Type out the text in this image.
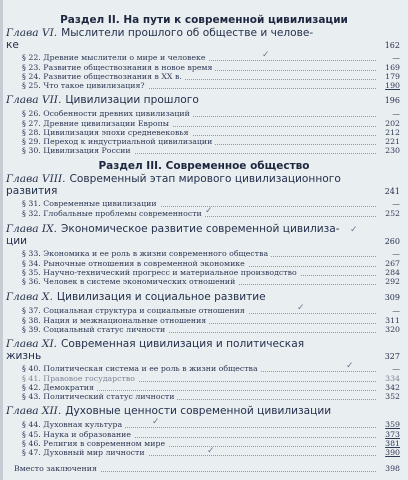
Раздел II. На пути к современной цивилизации
Глава VI. Мыслители прошлого об обществе и челове-
ке	162
§ 22. Древние мыслители о мире и человеке	—
§ 23. Развитие обществознания в новое время	169
§ 24. Развитие обществознания в XX в.	179
§ 25. Что такое цивилизация?	190
Глава VII. Цивилизации прошлого	196
§ 26. Особенности древних цивилизаций	—
§ 27. Древние цивилизации Европы	202
§ 28. Цивилизация эпохи средневековья	212
§ 29. Переход к индустриальной цивилизации	221
§ 30. Цивилизация России	230
Раздел III. Современное общество
Глава VIII. Современный этап мирового цивилизационного
развития	241
§ 31. Современные цивилизации	—
§ 32. Глобальные проблемы современности	252
Глава IX. Экономическое развитие современной цивилиза-
ции	260
§ 33. Экономика и ее роль в жизни современного общества	—
§ 34. Рыночные отношения в современной экономике	267
§ 35. Научно-технический прогресс и материальное производство	284
§ 36. Человек в системе экономических отношений	292
Глава X. Цивилизация и социальное развитие	309
§ 37. Социальная структура и социальные отношения	—
§ 38. Нация и межнациональные отношения	311
§ 39. Социальный статус личности	320
Глава XI. Современная цивилизация и политическая
жизнь	327
§ 40. Политическая система и ее роль в жизни общества	—
§ 41. Правовое государство	334
§ 42. Демократия	342
§ 43. Политический статус личности	352
Глава XII. Духовные ценности современной цивилизации
§ 44. Духовная культура	359
§ 45. Наука и образование	373
§ 46. Религия в современном мире	381
§ 47. Духовный мир личности	390
Вместо заключения	398
✓
✓
✓
✓
✓
✓
✓
